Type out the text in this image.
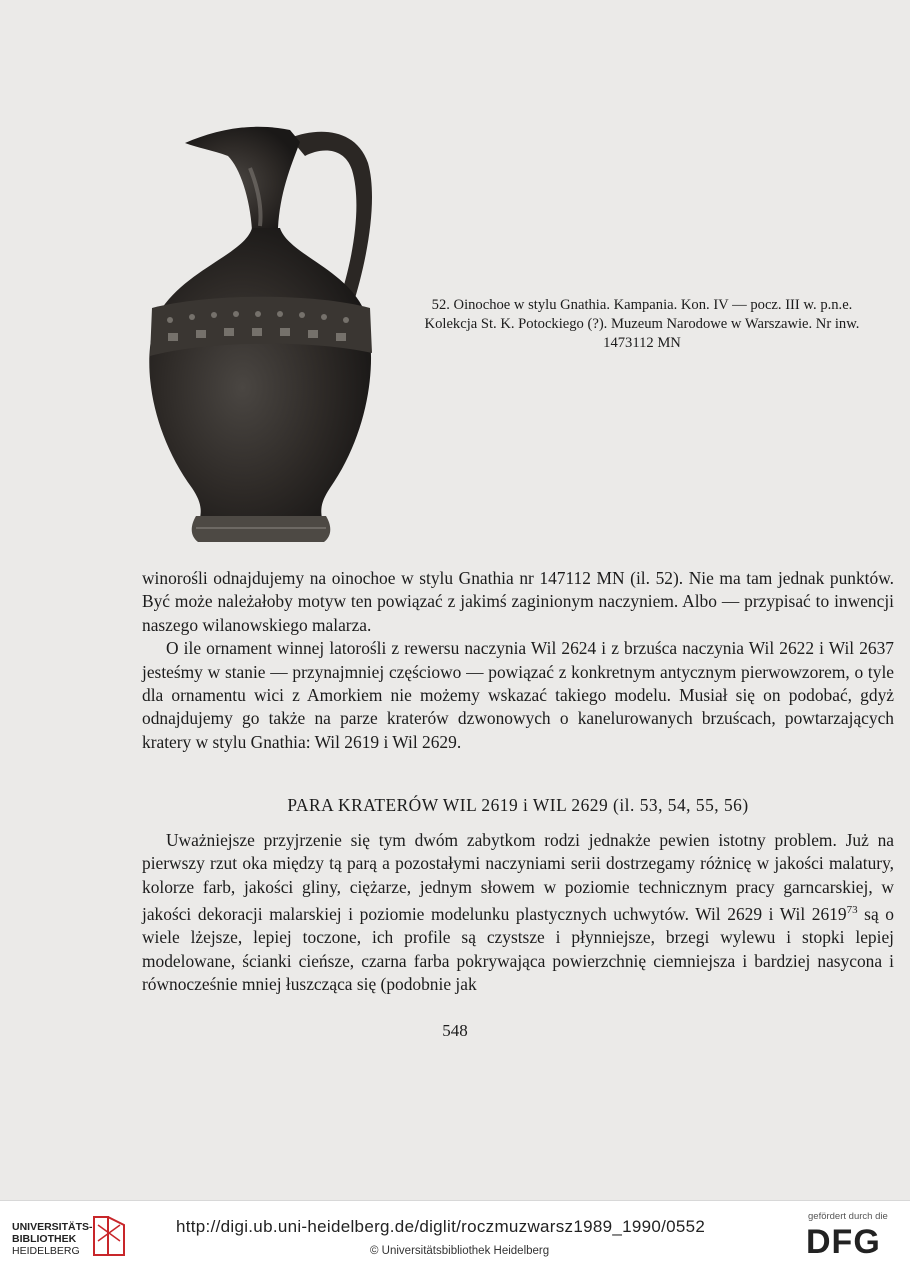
52. Oinochoe w stylu Gnathia. Kampania. Kon. IV — pocz. III w. p.n.e.
Kolekcja St. K. Potockiego (?). Muzeum Narodowe w Warszawie. Nr inw.
1473112 MN

winorośli odnajdujemy na oinochoe w stylu Gnathia nr 147112 MN (il. 52). Nie ma tam jednak punktów. Być może należałoby motyw ten powiązać z jakimś zaginionym naczyniem. Albo — przypisać to inwencji naszego wilanowskiego malarza.

O ile ornament winnej latorośli z rewersu naczynia Wil 2624 i z brzuśca naczynia Wil 2622 i Wil 2637 jesteśmy w stanie — przynajmniej częściowo — powiązać z konkretnym antycznym pierwowzorem, o tyle dla ornamentu wici z Amorkiem nie możemy wskazać takiego modelu. Musiał się on podobać, gdyż odnajdujemy go także na parze kraterów dzwonowych o kanelurowanych brzuścach, powtarzających kratery w stylu Gnathia: Wil 2619 i Wil 2629.

PARA KRATERÓW WIL 2619 i WIL 2629 (il. 53, 54, 55, 56)

Uważniejsze przyjrzenie się tym dwóm zabytkom rodzi jednakże pewien istotny problem. Już na pierwszy rzut oka między tą parą a pozostałymi naczyniami serii dostrzegamy różnicę w jakości malatury, kolorze farb, jakości gliny, ciężarze, jednym słowem w poziomie technicznym pracy garncarskiej, w jakości dekoracji malarskiej i poziomie modelunku plastycznych uchwytów. Wil 2629 i Wil 2619$^{73}$ są o wiele lżejsze, lepiej toczone, ich profile są czystsze i płynniejsze, brzegi wylewu i stopki lepiej modelowane, ścianki cieńsze, czarna farba pokrywająca powierzchnię ciemniejsza i bardziej nasycona i równocześnie mniej łuszcząca się (podobnie jak

548
UNIVERSITÄTS-
BIBLIOTHEK
HEIDELBERG
http://digi.ub.uni-heidelberg.de/diglit/roczmuzwarsz1989_1990/0552
© Universitätsbibliothek Heidelberg
gefördert durch die
DFG
